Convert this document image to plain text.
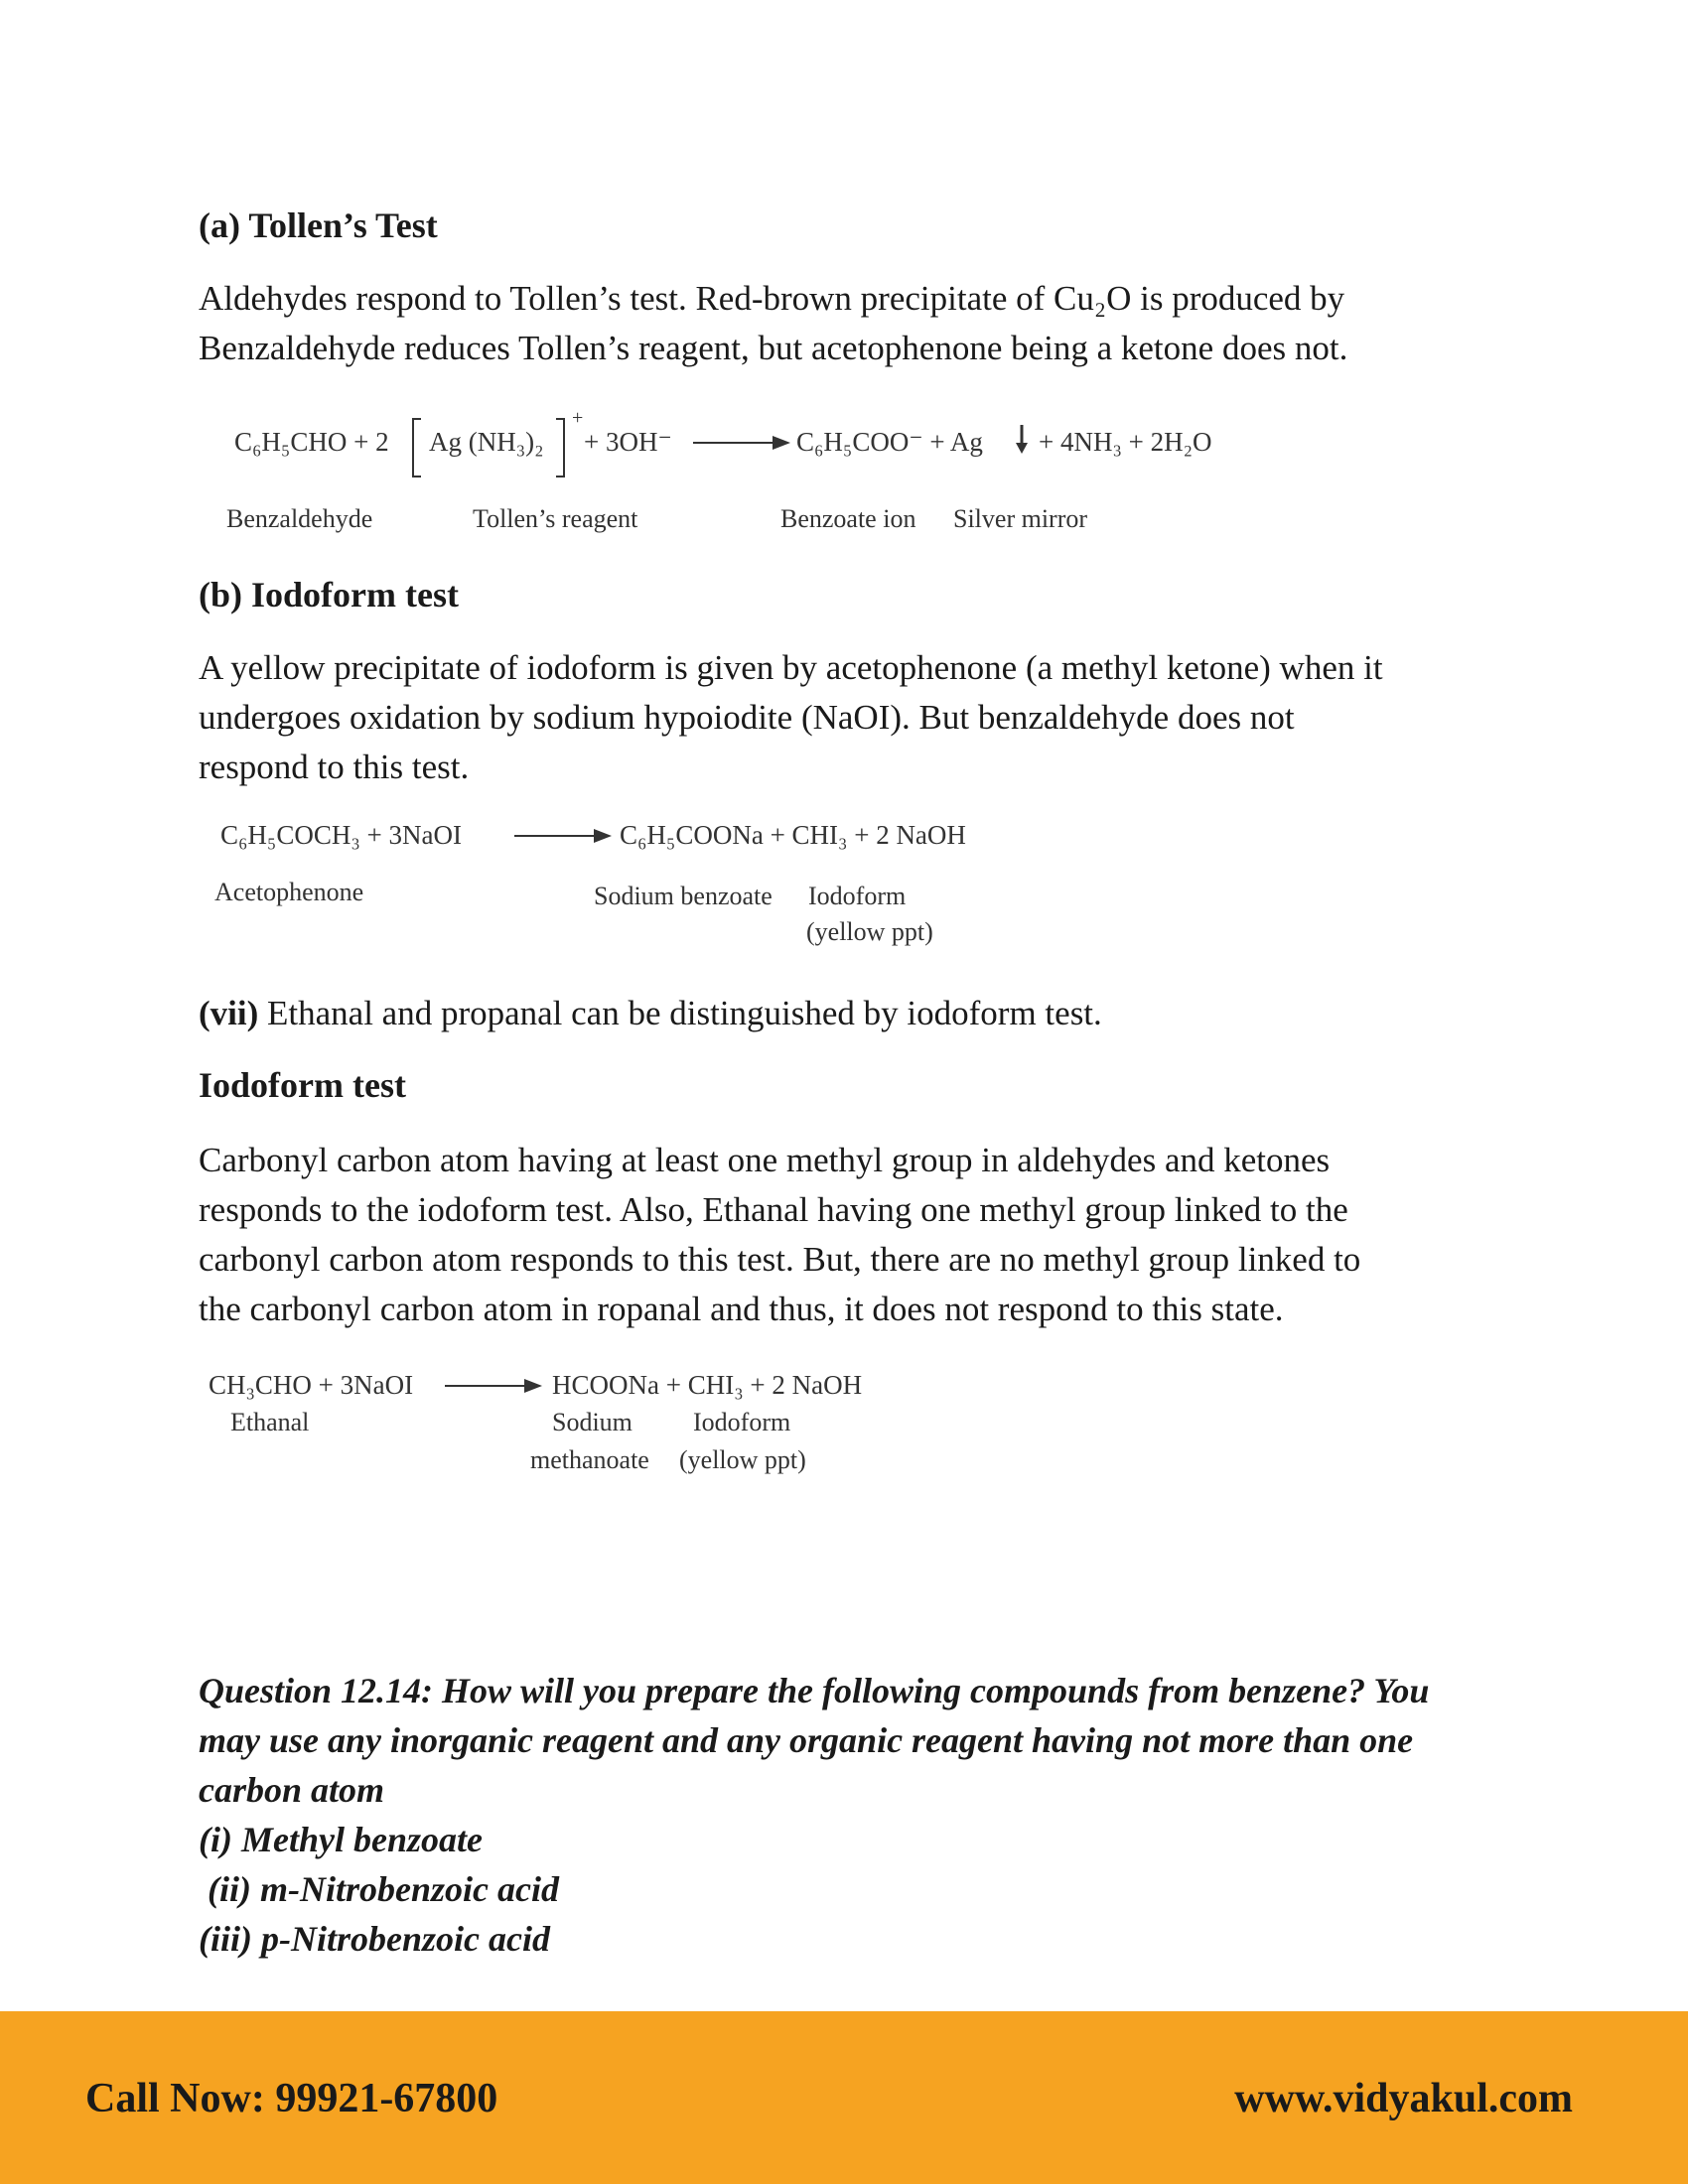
(a) Tollen’s Test
Aldehydes respond to Tollen’s test. Red-brown precipitate of Cu₂O is produced by
Benzaldehyde reduces Tollen’s reagent, but acetophenone being a ketone does not.
C₆H₅CHO + 2 Ag (NH₃)₂
+
+ 3OH⁻	C₆H₅COO⁻ + Ag + 4NH₃ + 2H₂O
Benzaldehyde	Tollen’s reagent	Benzoate ion Silver mirror
(b) Iodoform test
A yellow precipitate of iodoform is given by acetophenone (a methyl ketone) when it
undergoes oxidation by sodium hypoiodite (NaOI). But benzaldehyde does not
respond to this test.
C₆H₅COCH₃ + 3NaOI	C₆H₅COONa + CHI₃ + 2 NaOH
Acetophenone	Sodium benzoate Iodoform
(yellow ppt)
(vii) Ethanal and propanal can be distinguished by iodoform test.
Iodoform test
Carbonyl carbon atom having at least one methyl group in aldehydes and ketones
responds to the iodoform test. Also, Ethanal having one methyl group linked to the
carbonyl carbon atom responds to this test. But, there are no methyl group linked to
the carbonyl carbon atom in ropanal and thus, it does not respond to this state.
CH₃CHO + 3NaOI	HCOONa + CHI₃ + 2 NaOH
Ethanal	Sodium Iodoform
methanoate (yellow ppt)
Question 12.14: How will you prepare the following compounds from benzene? You
may use any inorganic reagent and any organic reagent having not more than one
carbon atom
(i) Methyl benzoate
(ii) m-Nitrobenzoic acid
(iii) p-Nitrobenzoic acid
Call Now: 99921-67800	www.vidyakul.com
